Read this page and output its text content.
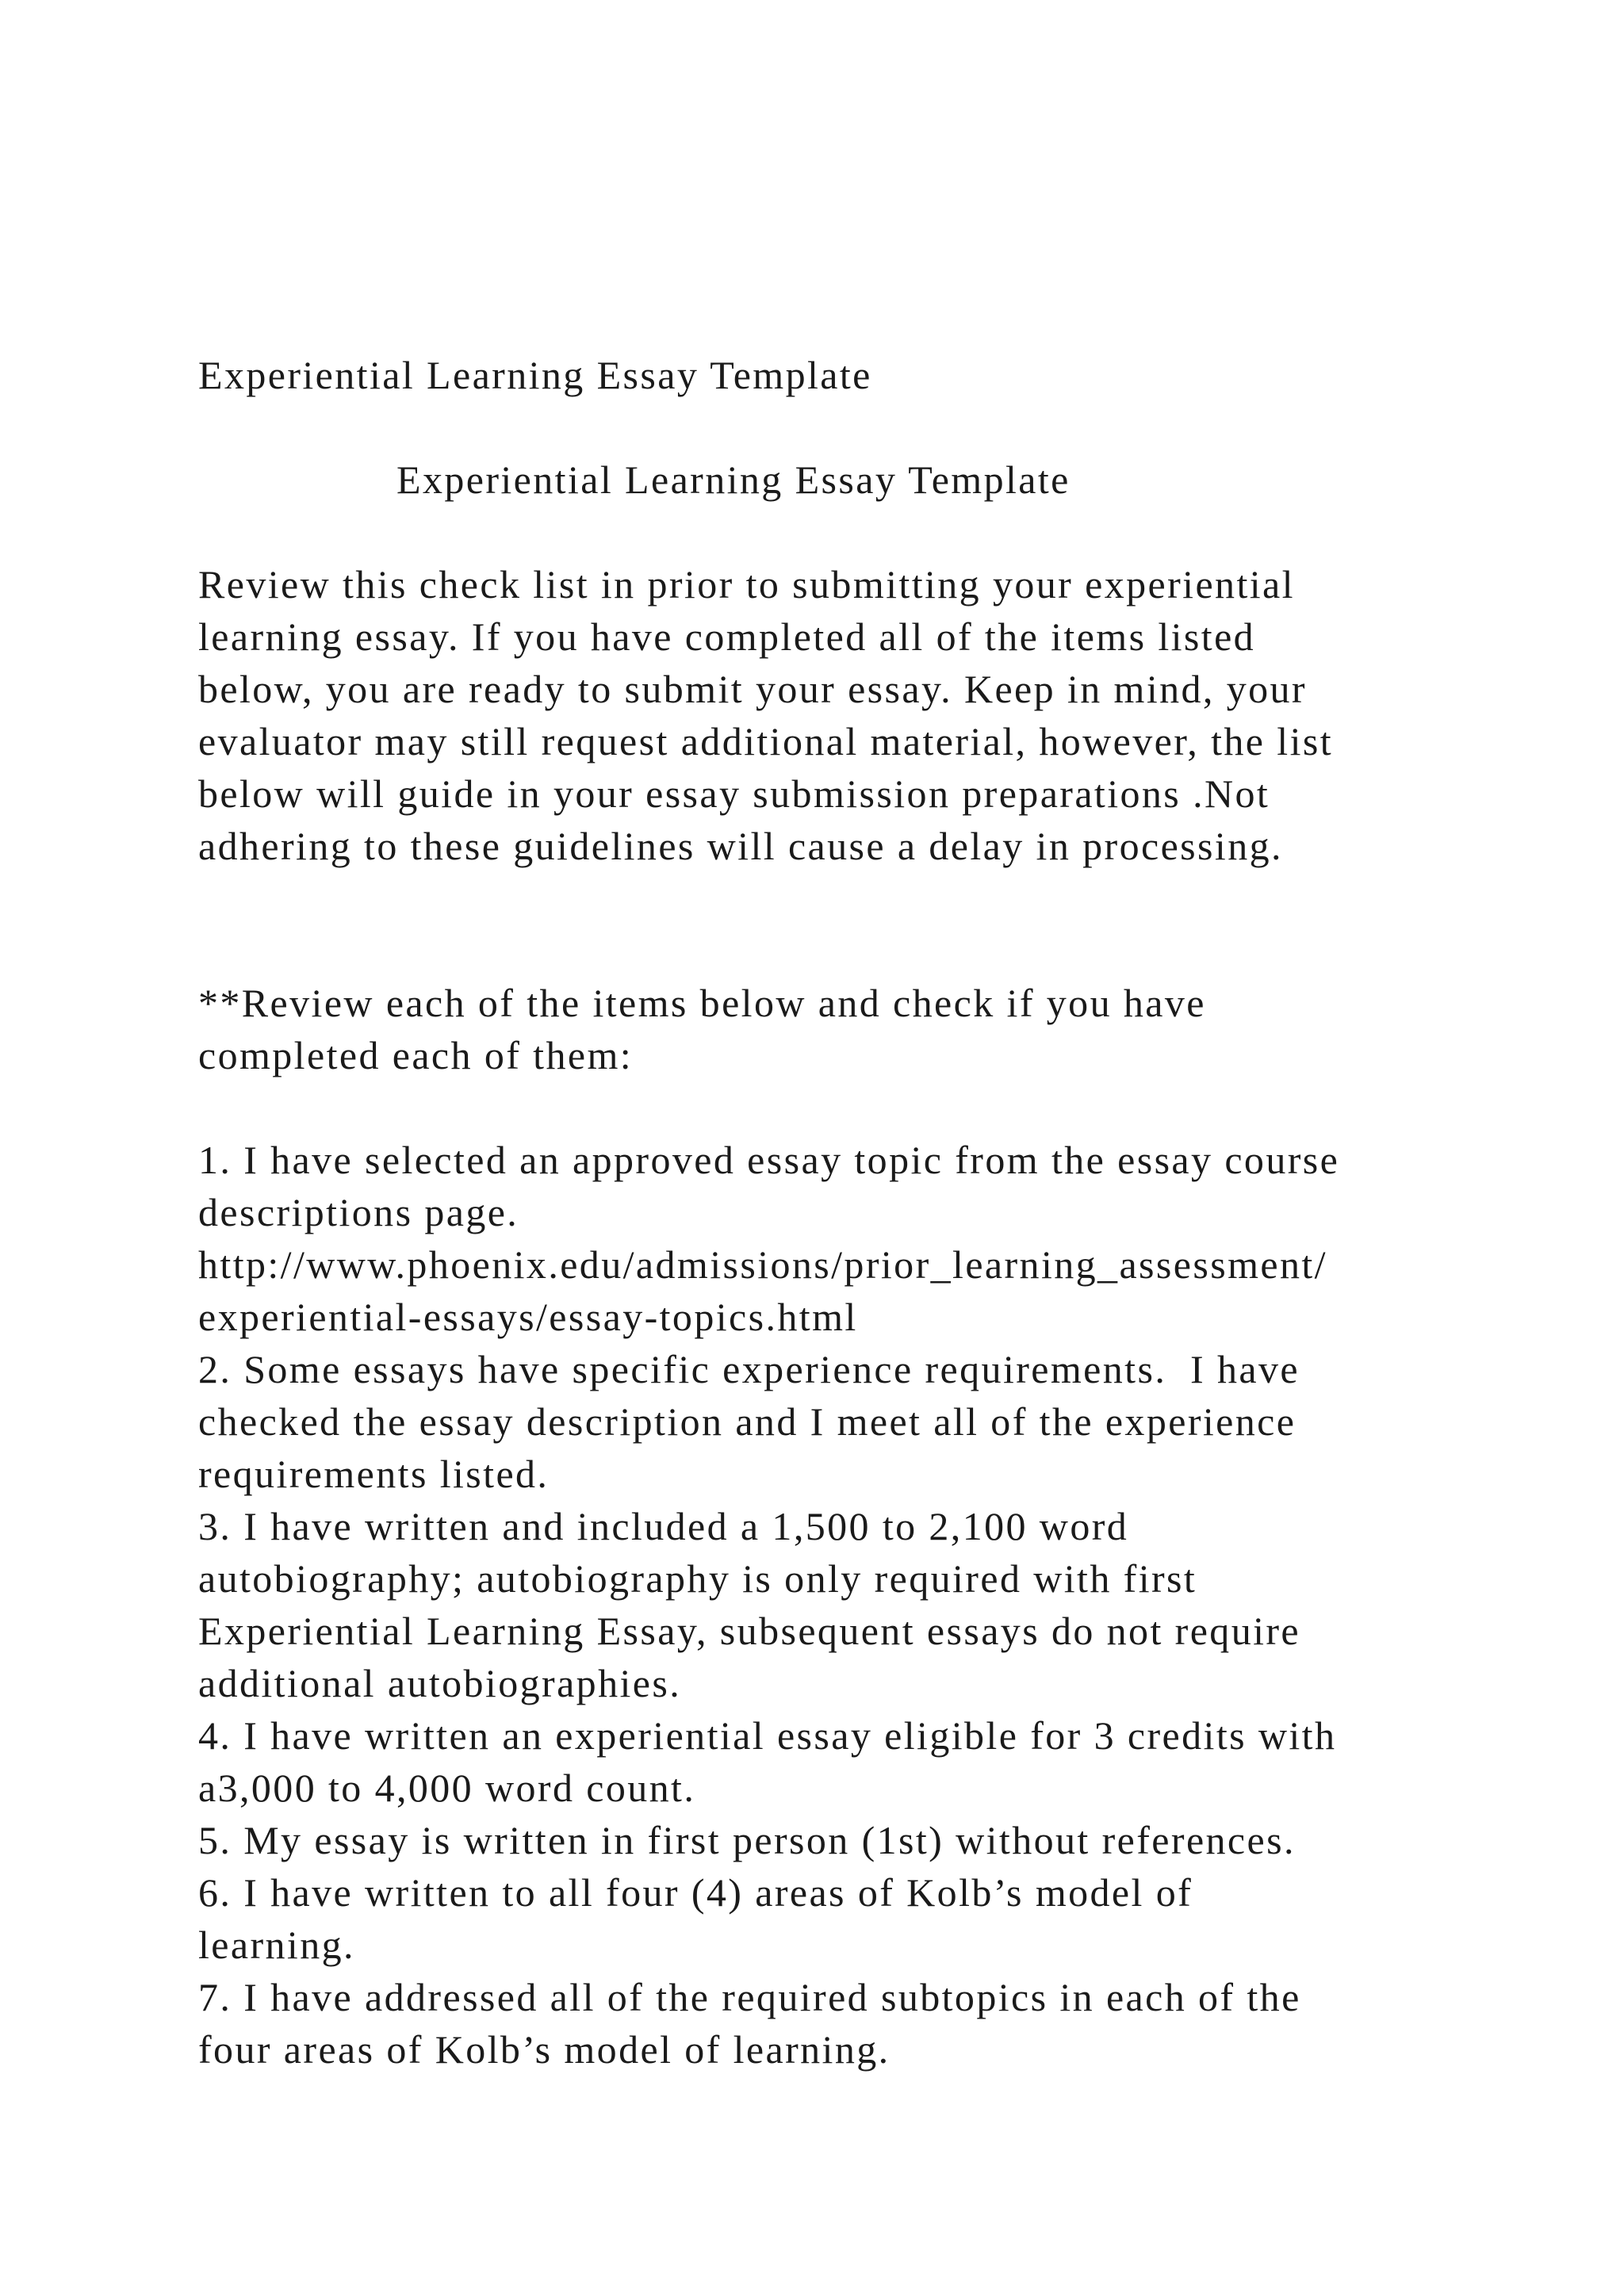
Experiential Learning Essay Template
Experiential Learning Essay Template
Review this check list in prior to submitting your experiential
learning essay. If you have completed all of the items listed
below, you are ready to submit your essay. Keep in mind, your
evaluator may still request additional material, however, the list
below will guide in your essay submission preparations .Not
adhering to these guidelines will cause a delay in processing.
**Review each of the items below and check if you have
completed each of them:
1. I have selected an approved essay topic from the essay course
descriptions page.
http://www.phoenix.edu/admissions/prior_learning_assessment/
experiential-essays/essay-topics.html
2. Some essays have specific experience requirements.  I have
checked the essay description and I meet all of the experience
requirements listed.
3. I have written and included a 1,500 to 2,100 word
autobiography; autobiography is only required with first
Experiential Learning Essay, subsequent essays do not require
additional autobiographies.
4. I have written an experiential essay eligible for 3 credits with
a3,000 to 4,000 word count.
5. My essay is written in first person (1st) without references.
6. I have written to all four (4) areas of Kolb’s model of
learning.
7. I have addressed all of the required subtopics in each of the
four areas of Kolb’s model of learning.
